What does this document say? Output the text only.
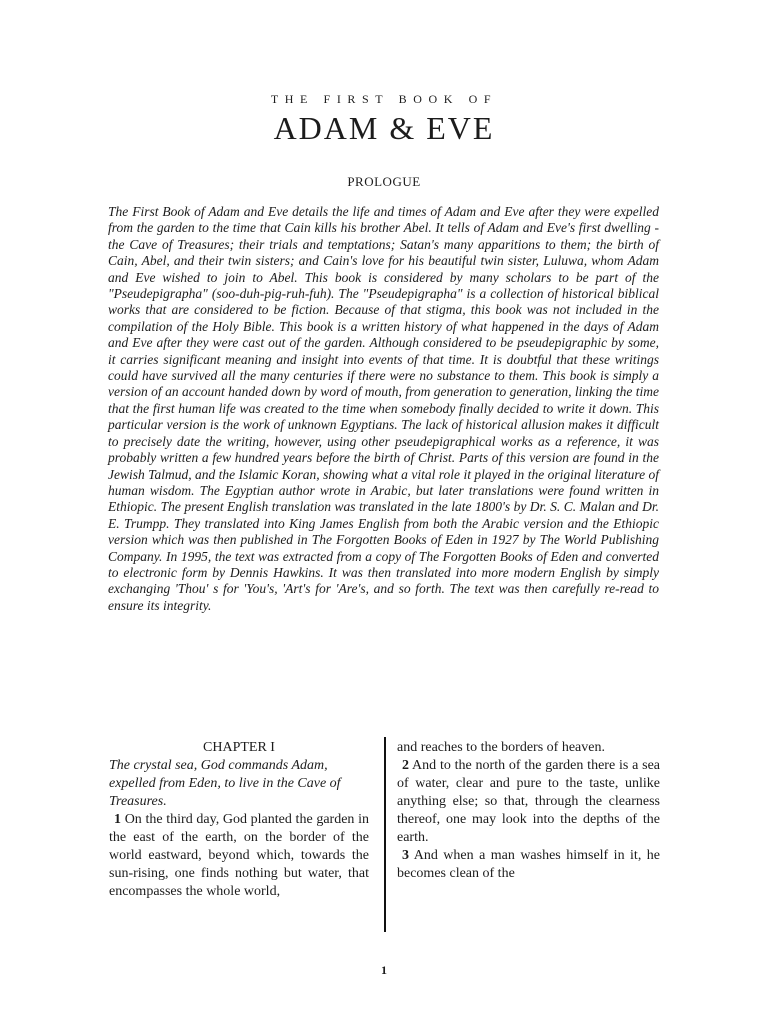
THE FIRST BOOK OF
ADAM & EVE
PROLOGUE

The First Book of Adam and Eve details the life and times of Adam and Eve after they were expelled from the garden to the time that Cain kills his brother Abel. It tells of Adam and Eve's first dwelling - the Cave of Treasures; their trials and temptations; Satan's many apparitions to them; the birth of Cain, Abel, and their twin sisters; and Cain's love for his beautiful twin sister, Luluwa, whom Adam and Eve wished to join to Abel. This book is considered by many scholars to be part of the "Pseudepigrapha" (soo-duh-pig-ruh-fuh). The "Pseudepigrapha" is a collection of historical biblical works that are considered to be fiction. Because of that stigma, this book was not included in the compilation of the Holy Bible. This book is a written history of what happened in the days of Adam and Eve after they were cast out of the garden. Although considered to be pseudepigraphic by some, it carries significant meaning and insight into events of that time. It is doubtful that these writings could have survived all the many centuries if there were no substance to them. This book is simply a version of an account handed down by word of mouth, from generation to generation, linking the time that the first human life was created to the time when somebody finally decided to write it down. This particular version is the work of unknown Egyptians. The lack of historical allusion makes it difficult to precisely date the writing, however, using other pseudepigraphical works as a reference, it was probably written a few hundred years before the birth of Christ. Parts of this version are found in the Jewish Talmud, and the Islamic Koran, showing what a vital role it played in the original literature of human wisdom. The Egyptian author wrote in Arabic, but later translations were found written in Ethiopic. The present English translation was translated in the late 1800's by Dr. S. C. Malan and Dr. E. Trumpp. They translated into King James English from both the Arabic version and the Ethiopic version which was then published in The Forgotten Books of Eden in 1927 by The World Publishing Company. In 1995, the text was extracted from a copy of The Forgotten Books of Eden and converted to electronic form by Dennis Hawkins. It was then translated into more modern English by simply exchanging 'Thou' s for 'You's, 'Art's for 'Are's, and so forth. The text was then carefully re-read to ensure its integrity.

CHAPTER I

The crystal sea, God commands Adam, expelled from Eden, to live in the Cave of Treasures.

1 On the third day, God planted the garden in the east of the earth, on the border of the world eastward, beyond which, towards the sun-rising, one finds nothing but water, that encompasses the whole world,

and reaches to the borders of heaven.

2 And to the north of the garden there is a sea of water, clear and pure to the taste, unlike anything else; so that, through the clearness thereof, one may look into the depths of the earth.

3 And when a man washes himself in it, he becomes clean of the

1
